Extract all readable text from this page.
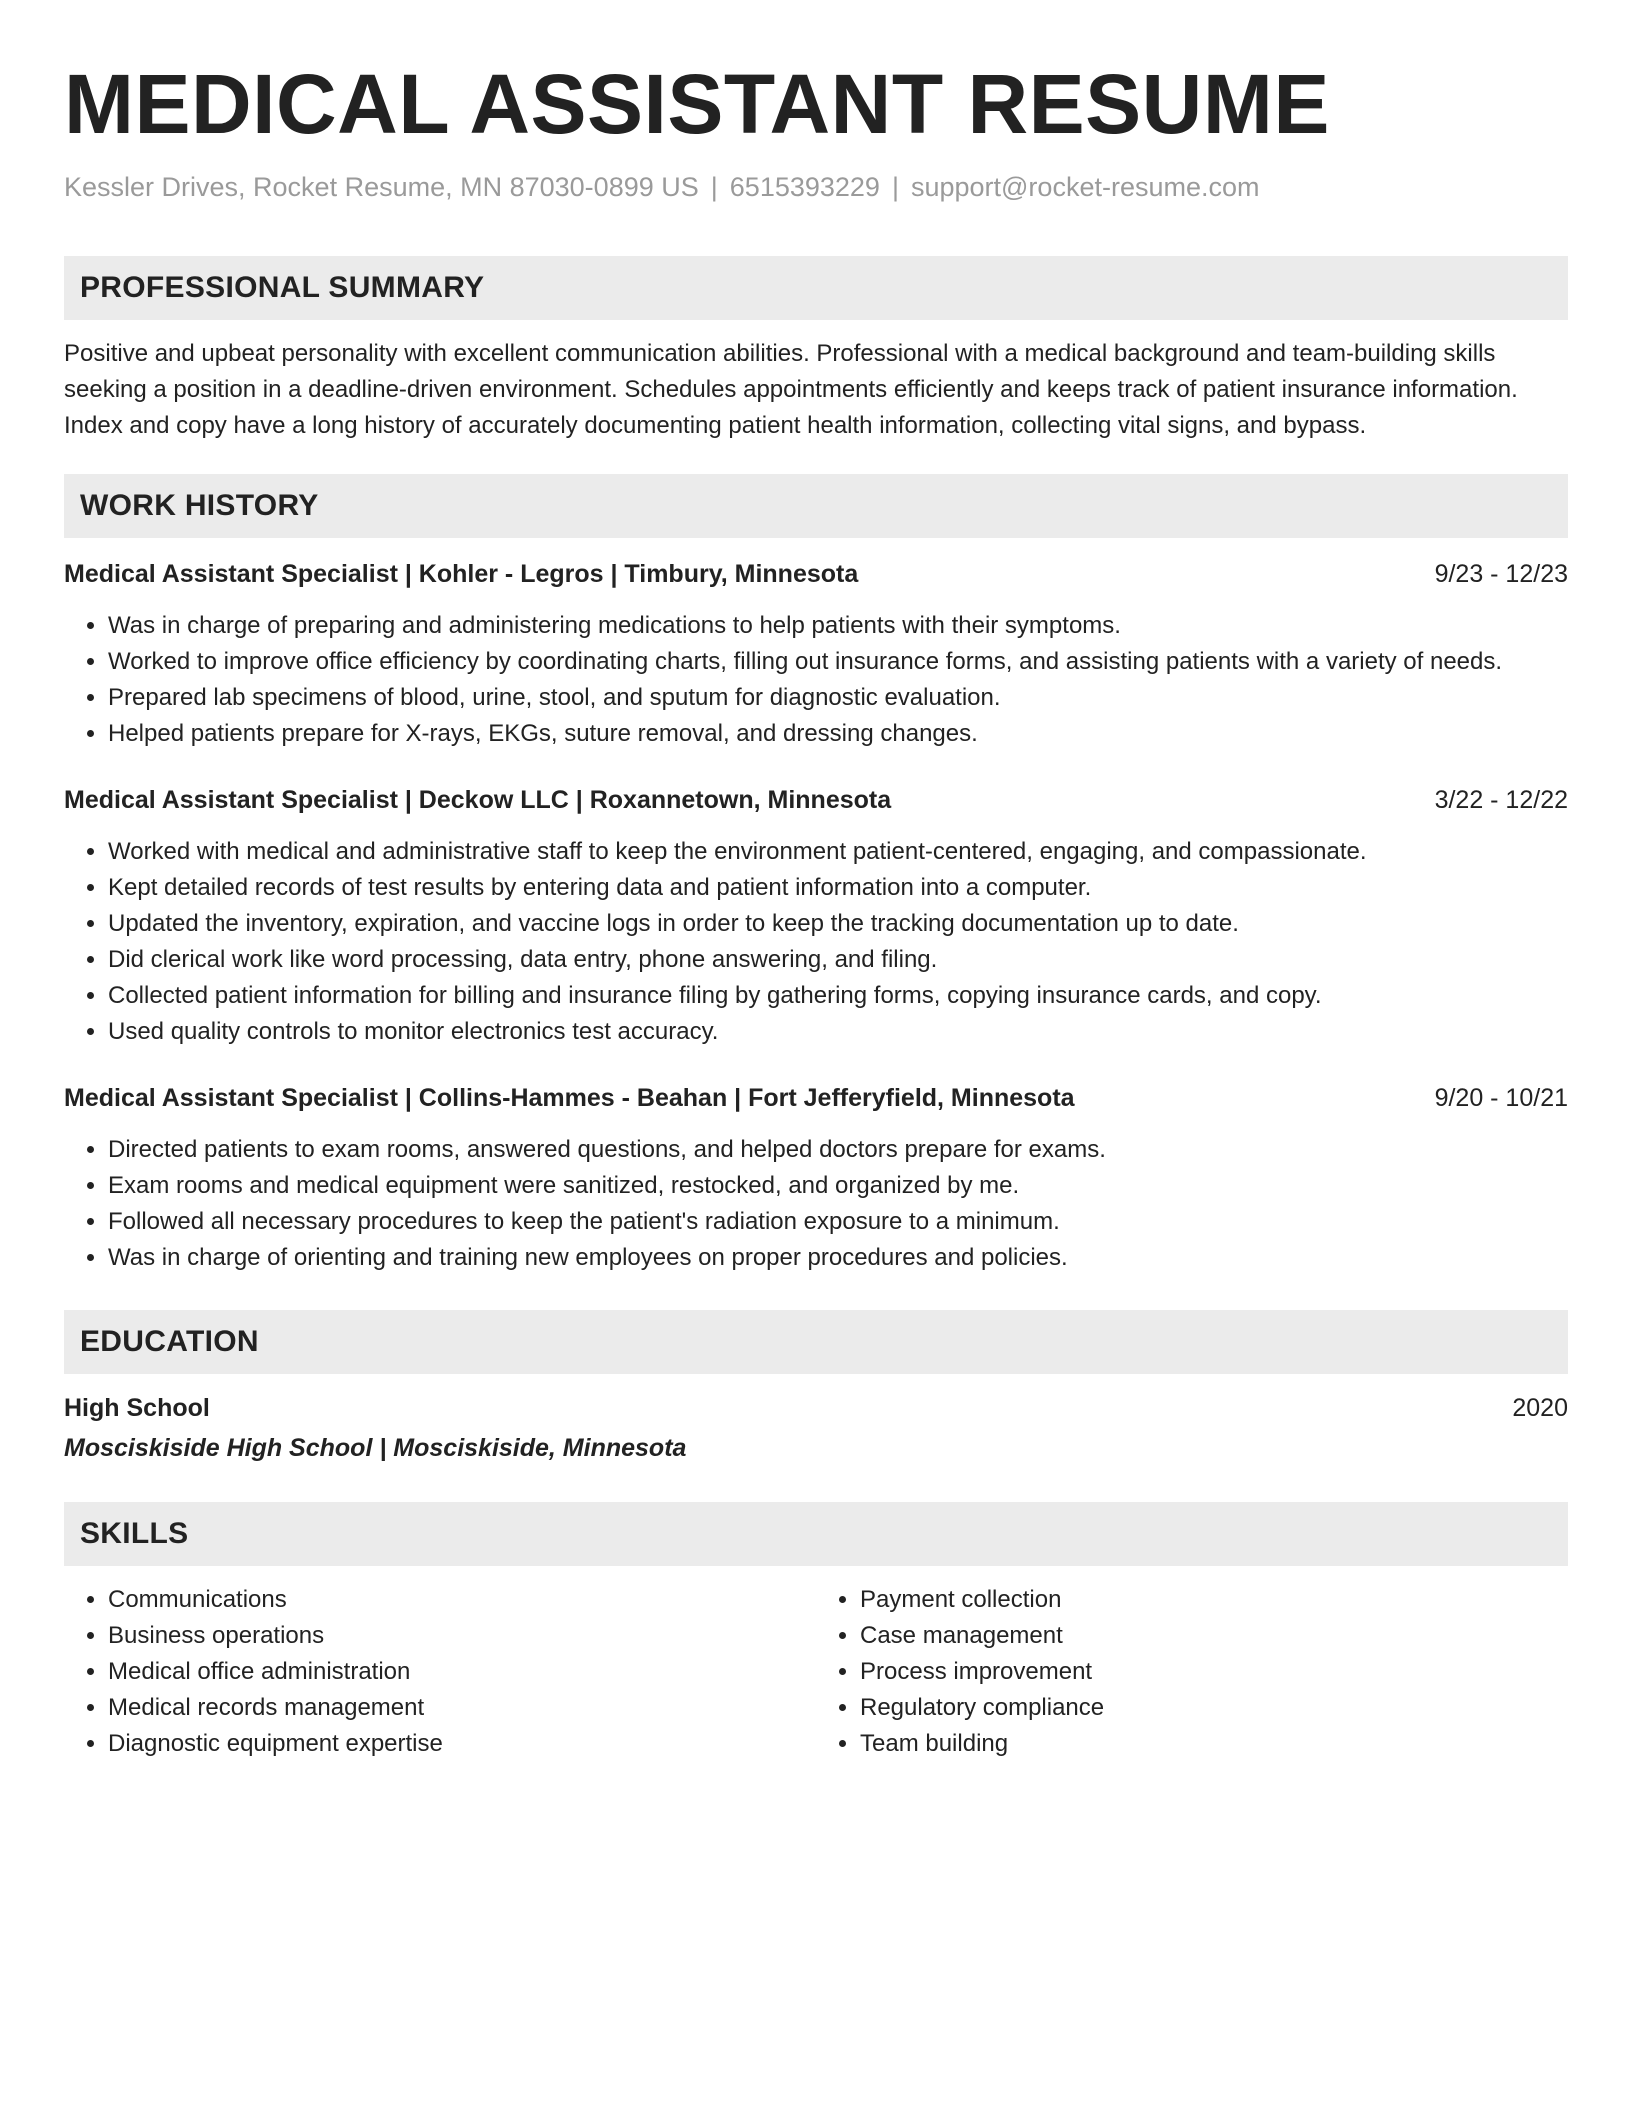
MEDICAL ASSISTANT RESUME
Kessler Drives, Rocket Resume, MN 87030-0899 US | 6515393229 | support@rocket-resume.com
PROFESSIONAL SUMMARY
Positive and upbeat personality with excellent communication abilities. Professional with a medical background and team-building skills seeking a position in a deadline-driven environment. Schedules appointments efficiently and keeps track of patient insurance information. Index and copy have a long history of accurately documenting patient health information, collecting vital signs, and bypass.
WORK HISTORY
Medical Assistant Specialist | Kohler - Legros | Timbury, Minnesota	9/23 - 12/23
• Was in charge of preparing and administering medications to help patients with their symptoms.
• Worked to improve office efficiency by coordinating charts, filling out insurance forms, and assisting patients with a variety of needs.
• Prepared lab specimens of blood, urine, stool, and sputum for diagnostic evaluation.
• Helped patients prepare for X-rays, EKGs, suture removal, and dressing changes.
Medical Assistant Specialist | Deckow LLC | Roxannetown, Minnesota	3/22 - 12/22
• Worked with medical and administrative staff to keep the environment patient-centered, engaging, and compassionate.
• Kept detailed records of test results by entering data and patient information into a computer.
• Updated the inventory, expiration, and vaccine logs in order to keep the tracking documentation up to date.
• Did clerical work like word processing, data entry, phone answering, and filing.
• Collected patient information for billing and insurance filing by gathering forms, copying insurance cards, and copy.
• Used quality controls to monitor electronics test accuracy.
Medical Assistant Specialist | Collins-Hammes - Beahan | Fort Jefferyfield, Minnesota	9/20 - 10/21
• Directed patients to exam rooms, answered questions, and helped doctors prepare for exams.
• Exam rooms and medical equipment were sanitized, restocked, and organized by me.
• Followed all necessary procedures to keep the patient's radiation exposure to a minimum.
• Was in charge of orienting and training new employees on proper procedures and policies.
EDUCATION
High School	2020
Mosciskiside High School | Mosciskiside, Minnesota
SKILLS
• Communications
• Business operations
• Medical office administration
• Medical records management
• Diagnostic equipment expertise
• Payment collection
• Case management
• Process improvement
• Regulatory compliance
• Team building
